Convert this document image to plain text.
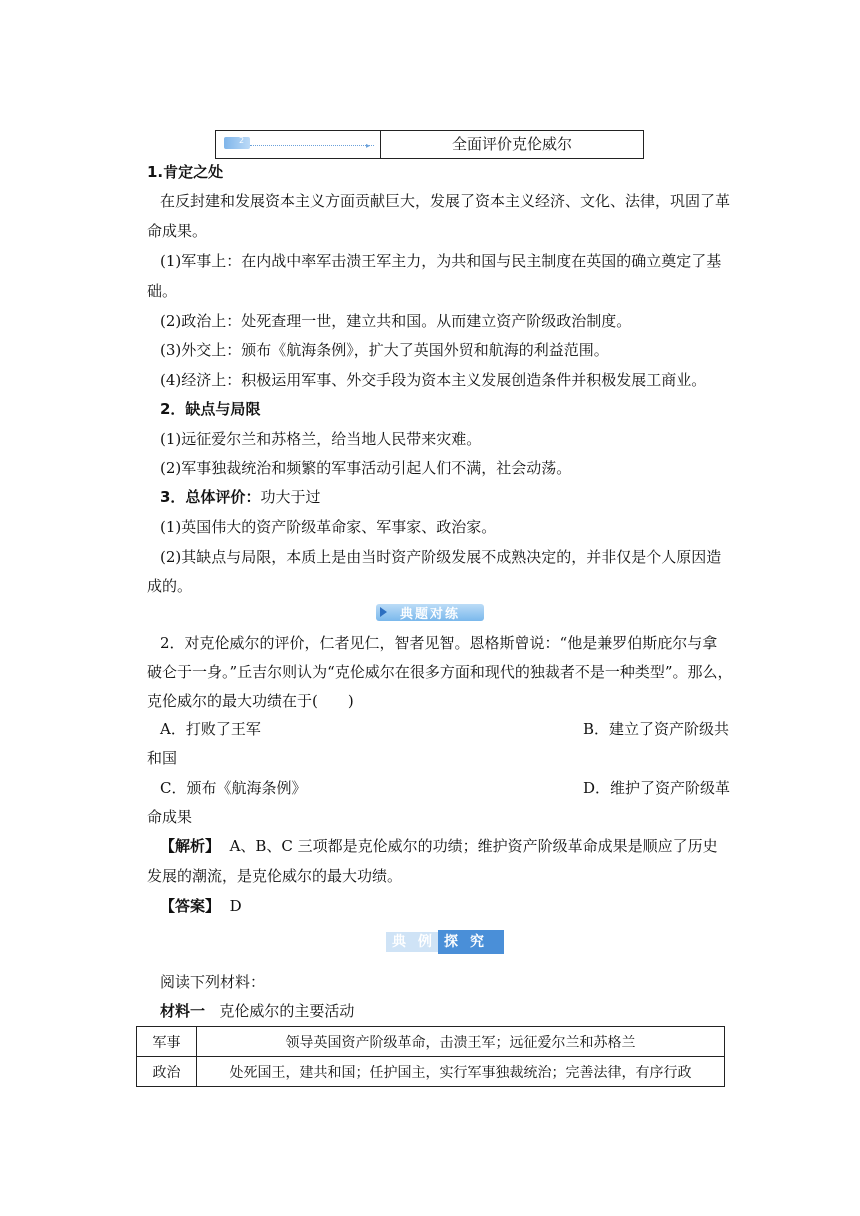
2
▸	全面评价克伦威尔
1.肯定之处
在反封建和发展资本主义方面贡献巨大，发展了资本主义经济、文化、法律，巩固了革
命成果。
(1)军事上：在内战中率军击溃王军主力，为共和国与民主制度在英国的确立奠定了基
础。
(2)政治上：处死查理一世，建立共和国。从而建立资产阶级政治制度。
(3)外交上：颁布《航海条例》，扩大了英国外贸和航海的利益范围。
(4)经济上：积极运用军事、外交手段为资本主义发展创造条件并积极发展工商业。
2．缺点与局限
(1)远征爱尔兰和苏格兰，给当地人民带来灾难。
(2)军事独裁统治和频繁的军事活动引起人们不满，社会动荡。
3．总体评价：功大于过
(1)英国伟大的资产阶级革命家、军事家、政治家。
(2)其缺点与局限，本质上是由当时资产阶级发展不成熟决定的，并非仅是个人原因造
成的。
典题对练
2．对克伦威尔的评价，仁者见仁，智者见智。恩格斯曾说：“他是兼罗伯斯庇尔与拿
破仑于一身。”丘吉尔则认为“克伦威尔在很多方面和现代的独裁者不是一种类型”。那么，
克伦威尔的最大功绩在于(　　)
A．打败了王军	B．建立了资产阶级共
和国
C．颁布《航海条例》	D．维护了资产阶级革
命成果
【解析】 A、B、C 三项都是克伦威尔的功绩；维护资产阶级革命成果是顺应了历史
发展的潮流，是克伦威尔的最大功绩。
【答案】 D
典例探究
阅读下列材料：
材料一 克伦威尔的主要活动
军事	领导英国资产阶级革命，击溃王军；远征爱尔兰和苏格兰
政治	处死国王，建共和国；任护国主，实行军事独裁统治；完善法律，有序行政
